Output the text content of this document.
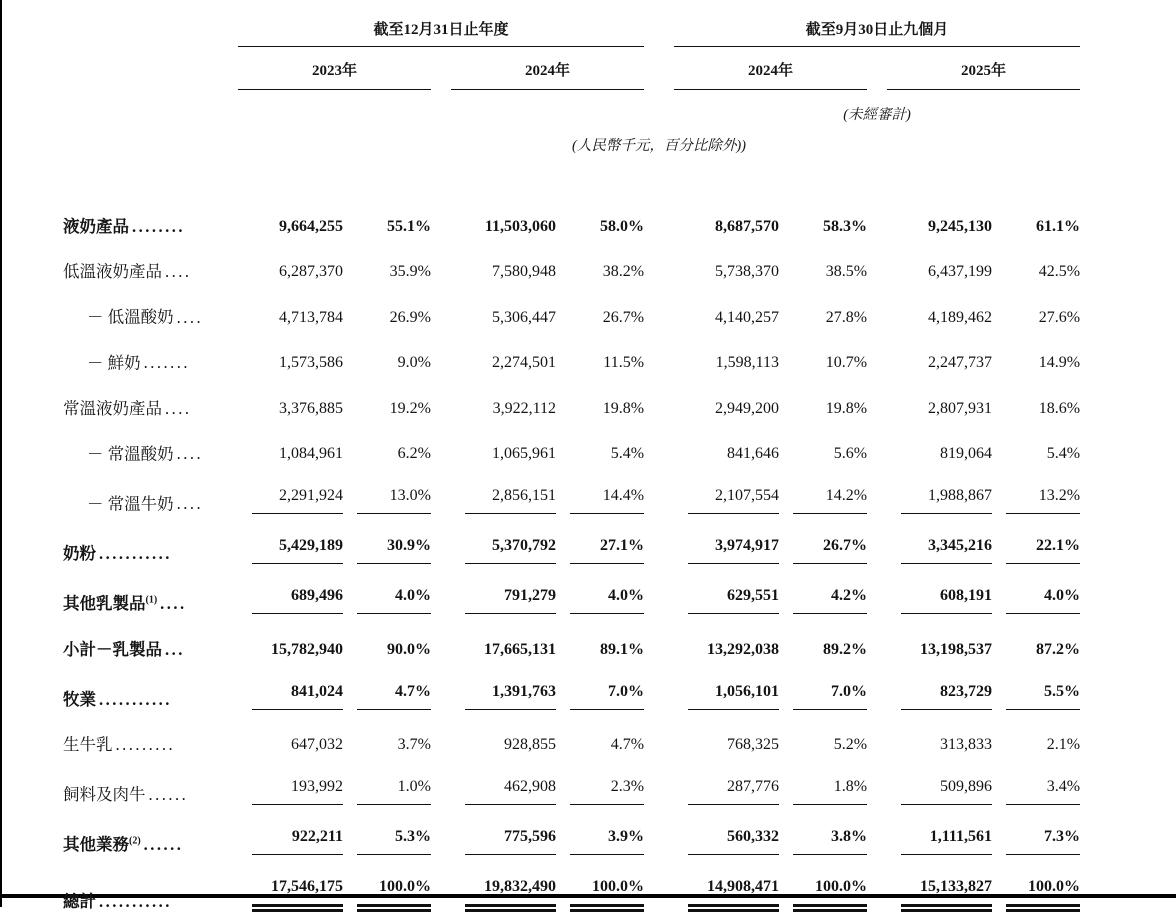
	截至12月31日止年度						截至9月30日止九個月				
	2023年			2024年			2024年			2025年	
							(未經審計)				
	(人民幣千元，百分比除外))										

液奶產品 ........	9,664,255	55.1%		11,503,060	58.0%		8,687,570	58.3%		9,245,130	61.1%

低溫液奶產品 ....	6,287,370	35.9%		7,580,948	38.2%		5,738,370	38.5%		6,437,199	42.5%

－ 低溫酸奶 ....	4,713,784	26.9%		5,306,447	26.7%		4,140,257	27.8%		4,189,462	27.6%

－ 鮮奶 .......	1,573,586	9.0%		2,274,501	11.5%		1,598,113	10.7%		2,247,737	14.9%

常溫液奶產品 ....	3,376,885	19.2%		3,922,112	19.8%		2,949,200	19.8%		2,807,931	18.6%

－ 常溫酸奶 ....	1,084,961	6.2%		1,065,961	5.4%		841,646	5.6%		819,064	5.4%

－ 常溫牛奶 ....	2,291,924	13.0%		2,856,151	14.4%		2,107,554	14.2%		1,988,867	13.2%

奶粉 ...........	5,429,189	30.9%		5,370,792	27.1%		3,974,917	26.7%		3,345,216	22.1%

其他乳製品$^{(1)}$ ....	689,496	4.0%		791,279	4.0%		629,551	4.2%		608,191	4.0%

小計－乳製品 ...	15,782,940	90.0%		17,665,131	89.1%		13,292,038	89.2%		13,198,537	87.2%

牧業 ...........	841,024	4.7%		1,391,763	7.0%		1,056,101	7.0%		823,729	5.5%

生牛乳 .........	647,032	3.7%		928,855	4.7%		768,325	5.2%		313,833	2.1%

飼料及肉牛 ......	193,992	1.0%		462,908	2.3%		287,776	1.8%		509,896	3.4%

其他業務$^{(2)}$ ......	922,211	5.3%		775,596	3.9%		560,332	3.8%		1,111,561	7.3%

總計 ...........	17,546,175	100.0%		19,832,490	100.0%		14,908,471	100.0%		15,133,827	100.0%
